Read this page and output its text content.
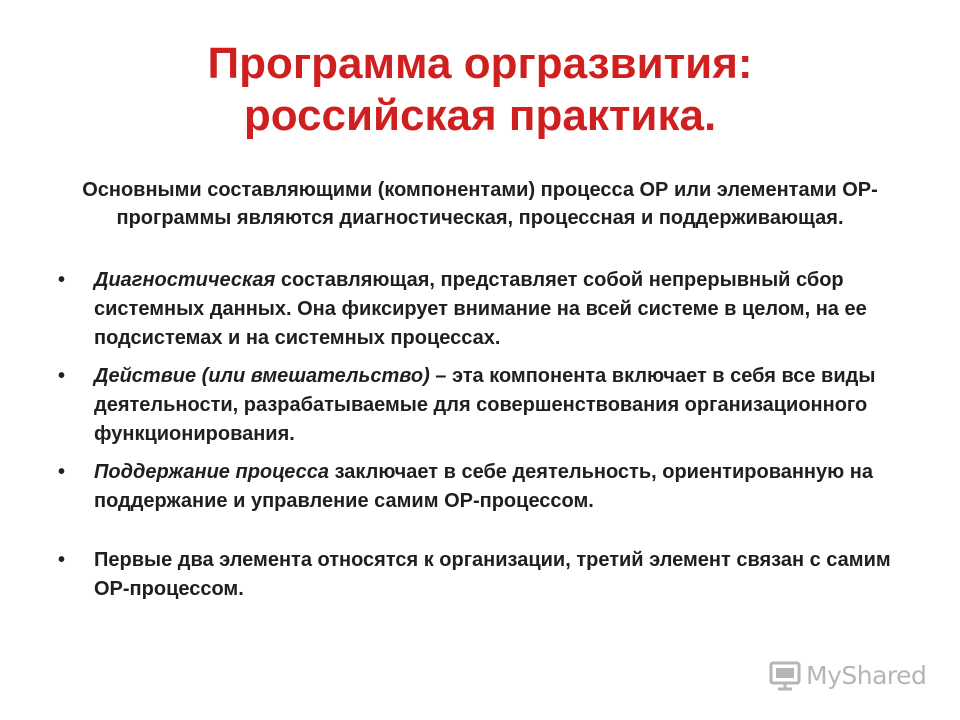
Программа оргразвития:
российская практика.
Основными составляющими (компонентами) процесса ОР или элементами ОР-программы являются диагностическая, процессная и поддерживающая.
•	Диагностическая составляющая, представляет собой непрерывный сбор системных данных. Она фиксирует внимание на всей системе в целом, на ее подсистемах и на системных процессах.
•	Действие (или вмешательство) – эта компонента включает в себя все виды деятельности, разрабатываемые для совершенствования организационного функционирования.
•	Поддержание процесса заключает в себе деятельность, ориентированную на поддержание и управление самим ОР-процессом.
•	Первые два элемента относятся к организации, третий элемент связан с самим ОР-процессом.
MyShared
